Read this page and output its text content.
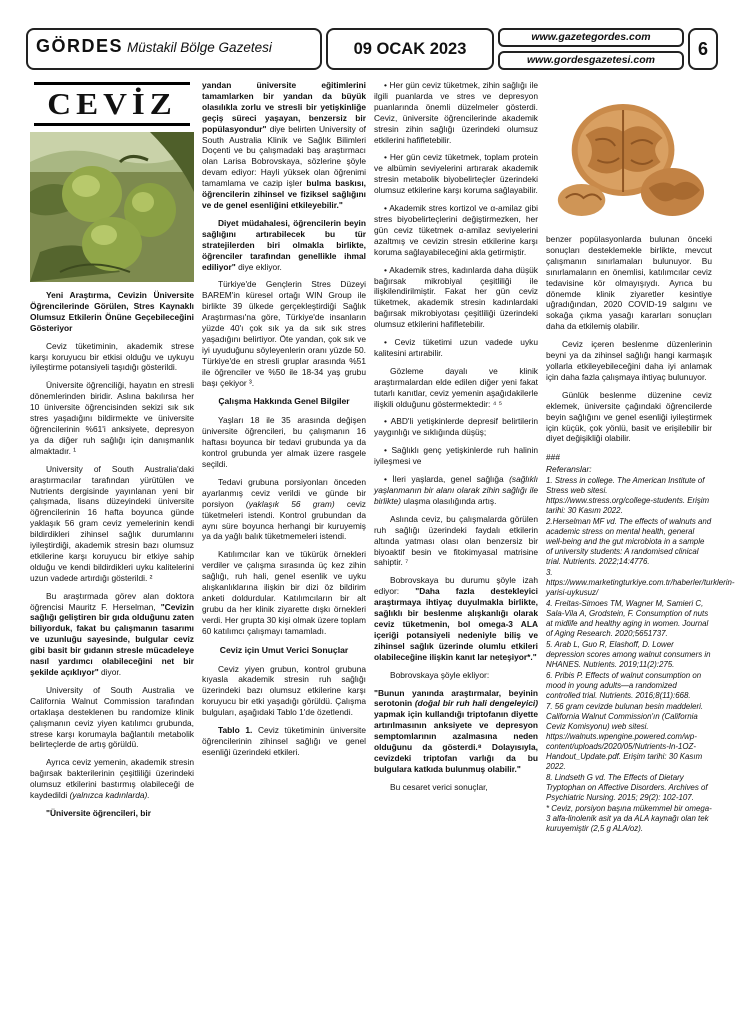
GÖRDES Müstakil Bölge Gazetesi	09 OCAK 2023
www.gazetegordes.com
www.gordesgazetesi.com
6
CEVİZ

Yeni Araştırma, Cevizin Üniversite Öğrencilerinde Görülen, Stres Kaynaklı Olumsuz Etkilerin Önüne Geçebileceğini Gösteriyor

Ceviz tüketiminin, akademik strese karşı koruyucu bir etkisi olduğu ve uykuyu iyileştirme potansiyeli taşıdığı gösterildi.

Üniversite öğrenciliği, hayatın en stresli dönemlerinden biridir. Aslına bakılırsa her 10 üniversite öğrencisinden sekizi sık sık stres yaşadığını bildirmekte ve üniversite öğrencilerinin %61'i anksiyete, depresyon ya da diğer ruh sağlığı için danışmanlık almaktadır. ¹

University of South Australia'daki araştırmacılar tarafından yürütülen ve Nutrients dergisinde yayınlanan yeni bir çalışmada, lisans düzeyindeki üniversite öğrencilerinin 16 hafta boyunca günde yaklaşık 56 gram ceviz yemelerinin kendi bildirdikleri zihinsel sağlık durumlarını iyileştirdiği, akademik stresin bazı olumsuz etkilerine karşı koruyucu bir etkiye sahip olduğu ve kendi bildirdikleri uyku kalitelerini uzun vadede artırdığı gösterildi. ²

Bu araştırmada görev alan doktora öğrencisi Mauritz F. Herselman, "Cevizin sağlığı geliştiren bir gıda olduğunu zaten biliyorduk, fakat bu çalışmanın tasarımı ve uzunluğu sayesinde, bulgular ceviz gibi basit bir gıdanın stresle mücadeleye nasıl yardımcı olabileceğini net bir şekilde açıklıyor" diyor.

University of South Australia ve California Walnut Commission tarafından ortaklaşa desteklenen bu randomize klinik çalışmanın ceviz yiyen katılımcı grubunda, strese karşı korumayla bağlantılı metabolik belirteçlerde de artış görüldü.

Ayrıca ceviz yemenin, akademik stresin bağırsak bakterilerinin çeşitliliği üzerindeki olumsuz etkilerini bastırmış olabileceği de kaydedildi (yalnızca kadınlarda).

"Üniversite öğrencileri, bir

yandan üniversite eğitimlerini tamamlarken bir yandan da büyük olasılıkla zorlu ve stresli bir yetişkinliğe geçiş süreci yaşayan, benzersiz bir popülasyondur" diye belirten University of South Australia Klinik ve Sağlık Bilimleri Doçenti ve bu çalışmadaki baş araştırmacı olan Larisa Bobrovskaya, sözlerine şöyle devam ediyor: Hayli yüksek olan öğrenimi tamamlama ve cazip işler bulma baskısı, öğrencilerin zihinsel ve fiziksel sağlığını ve de genel esenliğini etkileyebilir."

Diyet müdahalesi, öğrencilerin beyin sağlığını artırabilecek bu tür stratejilerden biri olmakla birlikte, öğrenciler tarafından genellikle ihmal ediliyor" diye ekliyor.

Türkiye'de Gençlerin Stres Düzeyi BAREM'in küresel ortağı WIN Group ile birlikte 39 ülkede gerçekleştirdiği Sağlık Araştırması'na göre, Türkiye'de insanların yüzde 40'ı çok sık ya da sık sık stres yaşadığını belirtiyor. Öte yandan, çok sık ve iyi uyuduğunu söyleyenlerin oranı yüzde 50. Türkiye'de en stresli gruplar arasında %51 ile öğrenciler ve %50 ile 18-34 yaş grubu başı çekiyor ³.

Çalışma Hakkında Genel Bilgiler

Yaşları 18 ile 35 arasında değişen üniversite öğrencileri, bu çalışmanın 16 haftası boyunca bir tedavi grubunda ya da kontrol grubunda yer almak üzere rasgele seçildi.

Tedavi grubuna porsiyonları önceden ayarlanmış ceviz verildi ve günde bir porsiyon (yaklaşık 56 gram) ceviz tüketmeleri istendi. Kontrol grubundan da aynı süre boyunca herhangi bir kuruyemiş ya da yağlı balık tüketmemeleri istendi.

Katılımcılar kan ve tükürük örnekleri verdiler ve çalışma sırasında üç kez zihin sağlığı, ruh hali, genel esenlik ve uyku alışkanlıklarına ilişkin bir dizi öz bildirim anketi doldurdular. Katılımcıların bir alt grubu da her klinik ziyarette dışkı örnekleri verdi. Her grupta 30 kişi olmak üzere toplam 60 katılımcı çalışmayı tamamladı.

Ceviz için Umut Verici Sonuçlar

Ceviz yiyen grubun, kontrol grubuna kıyasla akademik stresin ruh sağlığı üzerindeki bazı olumsuz etkilerine karşı koruyucu bir etki yaşadığı görüldü. Çalışma bulguları, aşağıdaki Tablo 1'de özetlendi.

Tablo 1. Ceviz tüketiminin üniversite öğrencilerinin zihinsel sağlığı ve genel esenliği üzerindeki etkileri.

• Her gün ceviz tüketmek, zihin sağlığı ile ilgili puanlarda ve stres ve depresyon puanlarında önemli düzelmeler gösterdi. Ceviz, üniversite öğrencilerinde akademik stresin zihin sağlığı üzerindeki olumsuz etkilerini hafifletebilir.

• Her gün ceviz tüketmek, toplam protein ve albümin seviyelerini artırarak akademik stresin metabolik biyobelirteçler üzerindeki olumsuz etkilerine karşı koruma sağlayabilir.

• Akademik stres kortizol ve α-amilaz gibi stres biyobelirteçlerini değiştirmezken, her gün ceviz tüketmek α-amilaz seviyelerini azaltmış ve cevizin stresin etkilerine karşı koruma sağlayabileceğini akla getirmiştir.

• Akademik stres, kadınlarda daha düşük bağırsak mikrobiyal çeşitliliği ile ilişkilendirilmiştir. Fakat her gün ceviz tüketmek, akademik stresin kadınlardaki bağırsak mikrobiyotası çeşitliliği üzerindeki olumsuz etkilerini hafifletebilir.

• Ceviz tüketimi uzun vadede uyku kalitesini artırabilir.

Gözleme dayalı ve klinik araştırmalardan elde edilen diğer yeni fakat tutarlı kanıtlar, ceviz yemenin aşağıdakilerle ilişkili olduğunu göstermektedir: ⁴ ⁵

• ABD'li yetişkinlerde depresif belirtilerin yaygınlığı ve sıklığında düşüş;

• Sağlıklı genç yetişkinlerde ruh halinin iyileşmesi ve

• İleri yaşlarda, genel sağlığa (sağlıklı yaşlanmanın bir alanı olarak zihin sağlığı ile birlikte) ulaşma olasılığında artış.

Aslında ceviz, bu çalışmalarda görülen ruh sağlığı üzerindeki faydalı etkilerin altında yatması olası olan benzersiz bir biyoaktif besin ve fitokimyasal matrisine sahiptir. ⁷

Bobrovskaya bu durumu şöyle izah ediyor: "Daha fazla destekleyici araştırmaya ihtiyaç duyulmakla birlikte, sağlıklı bir beslenme alışkanlığı olarak ceviz tüketmenin, bol omega-3 ALA içeriği potansiyeli nedeniyle biliş ve zihinsel sağlık üzerinde olumlu etkileri olabileceğine ilişkin kanıt lar neteşiyor*."

Bobrovskaya şöyle ekliyor:

"Bunun yanında araştırmalar, beyinin serotonin (doğal bir ruh hali dengeleyici) yapmak için kullandığı triptofanın diyette artırılmasının anksiyete ve depresyon semptomlarının azalmasına neden olduğunu da gösterdi.⁸ Dolayısıyla, cevizdeki triptofan varlığı da bu bulgulara katkıda bulunmuş olabilir."

Bu cesaret verici sonuçlar,

benzer popülasyonlarda bulunan önceki sonuçları desteklemekle birlikte, mevcut çalışmanın sınırlamaları bulunuyor. Bu sınırlamaların en önemlisi, katılımcılar ceviz tedavisine kör olmayışıydı. Ayrıca bu dönemde klinik ziyaretler kesintiye uğradığından, 2020 COVID-19 salgını ve sokağa çıkma yasağı kararları sonuçları daha da etkilemiş olabilir.

Ceviz içeren beslenme düzenlerinin beyni ya da zihinsel sağlığı hangi karmaşık yollarla etkileyebileceğini daha iyi anlamak için daha fazla çalışmaya ihtiyaç bulunuyor.

Günlük beslenme düzenine ceviz eklemek, üniversite çağındaki öğrencilerde beyin sağlığını ve genel esenliği iyileştirmek için küçük, çok yönlü, basit ve erişilebilir bir diyet değişikliği olabilir.

###
Referanslar:

1. Stress in college. The American Institute of Stress web sitesi. https://www.stress.org/college-students. Erişim tarihi: 30 Kasım 2022.

2.Herselman MF vd. The effects of walnuts and academic stress on mental health, general well-being and the gut microbiota in a sample of university students: A randomised clinical trial. Nutrients. 2022;14:4776.

3. https://www.marketingturkiye.com.tr/haberler/turklerin-yarisi-uykusuz/

4. Freitas-Simoes TM, Wagner M, Samieri C, Sala-Vila A, Grodstein, F. Consumption of nuts at midlife and healthy aging in women. Journal of Aging Research. 2020;5651737.

5. Arab L, Guo R, Elashoff, D. Lower depression scores among walnut consumers in NHANES. Nutrients. 2019;11(2):275.

6. Pribis P. Effects of walnut consumption on mood in young adults—a randomized controlled trial. Nutrients. 2016;8(11):668.

7. 56 gram cevizde bulunan besin maddeleri. California Walnut Commission'ın (California Ceviz Komisyonu) web sitesi. https://walnuts.wpengine.powered.com/wp-content/uploads/2020/05/Nutrients-In-1OZ-Handout_Update.pdf. Erişim tarihi: 30 Kasım 2022.

8. Lindseth G vd. The Effects of Dietary Tryptophan on Affective Disorders. Archives of Psychiatric Nursing. 2015; 29(2): 102-107.

* Ceviz, porsiyon başına mükemmel bir omega-3 alfa-linolenik asit ya da ALA kaynağı olan tek kuruyemiştir (2,5 g ALA/oz).
